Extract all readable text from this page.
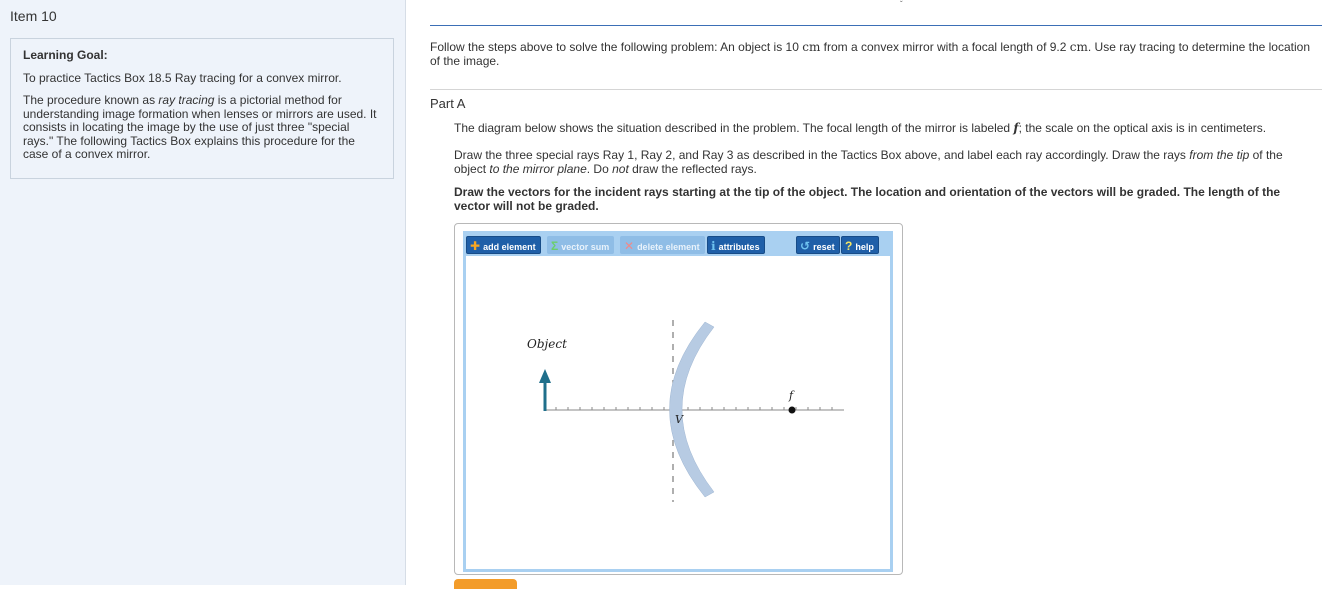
Item 10
Learning Goal:

To practice Tactics Box 18.5 Ray tracing for a convex mirror.

The procedure known as ray tracing is a pictorial method for understanding image formation when lenses or mirrors are used. It consists in locating the image by the use of just three "special rays." The following Tactics Box explains this procedure for the case of a convex mirror.

ˇ
Follow the steps above to solve the following problem: An object is 10 cm from a convex mirror with a focal length of 9.2 cm. Use ray tracing to determine the location of the image.
Part A
The diagram below shows the situation described in the problem. The focal length of the mirror is labeled f; the scale on the optical axis is in centimeters.
Draw the three special rays Ray 1, Ray 2, and Ray 3 as described in the Tactics Box above, and label each ray accordingly. Draw the rays from the tip of the object to the mirror plane. Do not draw the reflected rays.
Draw the vectors for the incident rays starting at the tip of the object. The location and orientation of the vectors will be graded. The length of the vector will not be graded.
✚ add element	Σ vector sum	✕ delete element ℹ attributes	↺ reset ? help
Object
V
f
